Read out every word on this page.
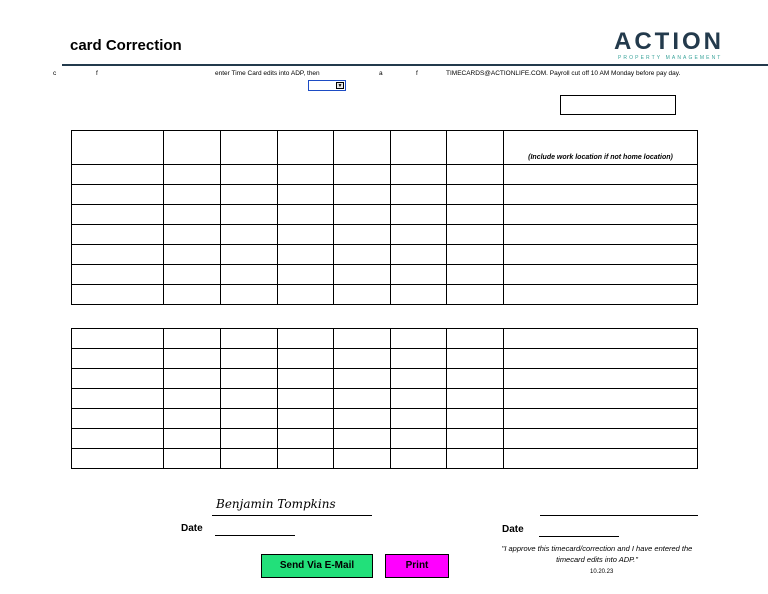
card Correction	ACTION
PROPERTY MANAGEMENT
c	f	enter Time Card edits into ADP, then	a	f	TIMECARDS@ACTIONLIFE.COM. Payroll cut off 10 AM Monday before pay day.
▼
							(Include work location if not home location)

Benjamin Tompkins
Date	Date
Send Via E-Mail	Print
"I approve this timecard/correction and I have entered the timecard edits into ADP."
10.20.23
